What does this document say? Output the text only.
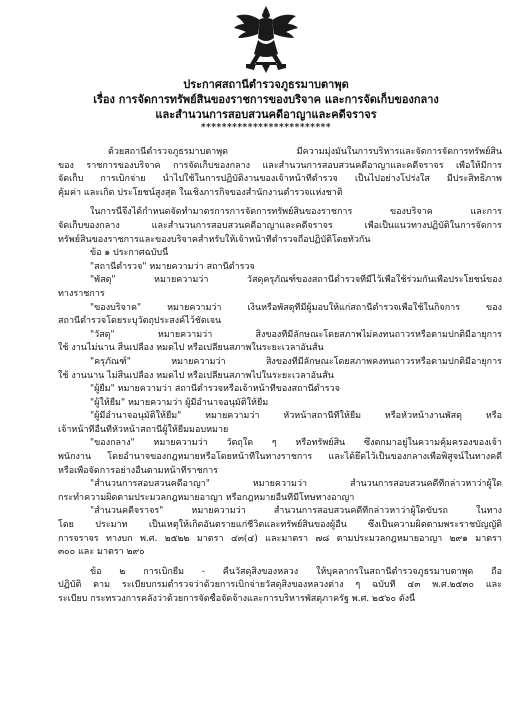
ประกาศสถานีตำรวจภูธรมาบตาพุด
เรื่อง การจัดการทรัพย์สินของราชการของบริจาค และการจัดเก็บของกลาง
และสำนวนการสอบสวนคดีอาญาและคดีจราจร
*************************
ด้วยสถานีตำรวจภูธรมาบตาพุด มีความมุ่งมั่นในการบริหารและจัดการจัดการทรัพย์สิน
ของ ราชการของบริจาค การจัดเก็บของกลาง และสำนวนการสอบสวนคดีอาญาและคดีจราจร เพื่อให้มีการ
จัดเก็บ การเบิกจ่าย นำไปใช้ในการปฏิบัติงานของเจ้าหน้าที่ตำรวจ เป็นไปอย่างโปร่งใส มีประสิทธิภาพ
คุ้มค่า และเกิด ประโยชน์สูงสุด ในเชิงภารกิจของสำนักงานตำรวจแห่งชาติ
ในการนี้จึงได้กำหนดจัดทำมาตรการการจัดการทรัพย์สินของราชการ ของบริจาค และการ
จัดเก็บของกลาง และสำนวนการสอบสวนคดีอาญาและคดีจราจร เพื่อเป็นแนวทางปฏิบัติในการจัดการ
ทรัพย์สินของราชการและของบริจาคสำหรับให้เจ้าหน้าที่ตำรวจถือปฏิบัติโดยทั่วกัน
ข้อ ๑ ประกาศฉบับนี้
"สถานีตำรวจ" หมายความว่า สถานีตำรวจ
"พัสดุ" หมายความว่า วัสดุครุภัณฑ์ของสถานีตำรวจที่มีไว้เพื่อใช้ร่วมกันเพื่อประโยชน์ของ
ทางราชการ
"ของบริจาค" หมายความว่า เงินหรือพัสดุที่มีผู้มอบให้แก่สถานีตำรวจเพื่อใช้ในกิจการ ของ
สถานีตำรวจโดยระบุวัตถุประสงค์ไว้ชัดเจน
"วัสดุ" หมายความว่า สิ่งของที่มีลักษณะโดยสภาพไม่คงทนถาวรหรือตามปกติมีอายุการ
ใช้ งานไม่นาน สิ้นเปลือง หมดไป หรือเปลี่ยนสภาพในระยะเวลาอันสั้น
"ครุภัณฑ์" หมายความว่า สิ่งของที่มีลักษณะโดยสภาพคงทนถาวรหรือตามปกติมีอายุการ
ใช้ งานนาน ไม่สิ้นเปลือง หมดไป หรือเปลี่ยนสภาพไปในระยะเวลาอันสั้น
"ผู้ยืม" หมายความว่า สถานีตำรวจหรือเจ้าหน้าที่ของสถานีตำรวจ
"ผู้ให้ยืม" หมายความว่า ผู้มีอำนาจอนุมัติให้ยืม
"ผู้มีอำนาจอนุมัติให้ยืม" หมายความว่า หัวหน้าสถานีที่ให้ยืม หรือหัวหน้างานพัสดุ หรือ
เจ้าหน้าที่อื่นที่หัวหน้าสถานีผู้ให้ยืมมอบหมาย
"ของกลาง" หมายความว่า วัตถุใด ๆ หรือทรัพย์สิน ซึ่งตกมาอยู่ในความคุ้มครองของเจ้า
พนักงาน โดยอำนาจของกฎหมายหรือโดยหน้าที่ในทางราชการ และได้ยึดไว้เป็นของกลางเพื่อพิสูจน์ในทางคดี
หรือเพื่อจัดการอย่างอื่นตามหน้าที่ราชการ
"สำนวนการสอบสวนคดีอาญา" หมายความว่า สำนวนการสอบสวนคดีที่กล่าวหาว่าผู้ใด
กระทำความผิดตามประมวลกฎหมายอาญา หรือกฎหมายอื่นที่มีโทษทางอาญา
"สำนวนคดีจราจร" หมายความว่า สำนวนการสอบสวนคดีที่กล่าวหาว่าผู้ใดขับรถ ในทาง
โดย ประมาท เป็นเหตุให้เกิดอันตรายแก่ชีวิตและทรัพย์สินของผู้อื่น ซึ่งเป็นความผิดตามพระราชบัญญัติ
การจราจร ทางบก พ.ศ. ๒๕๒๒ มาตรา ๔๓(๔) และมาตรา ๗๘ ตามประมวลกฎหมายอาญา ๒๙๑ มาตรา
๓๐๐ และ มาตรา ๒๙๐
ข้อ ๒ การเบิกยืม - คืนวัสดุสิ่งของหลวง ให้บุคลากรในสถานีตำรวจภูธรมาบตาพุด ถือ
ปฏิบัติ ตาม ระเบียบกรมตำรวจว่าด้วยการเบิกจ่ายวัสดุสิ่งของหลวงต่าง ๆ ฉบับที่ ๔๓ พ.ศ.๒๕๓๐ และ
ระเบียบ กระทรวงการคลังว่าด้วยการจัดซื้อจัดจ้างและการบริหารพัสดุภาครัฐ พ.ศ. ๒๕๖๐ ดังนี้
